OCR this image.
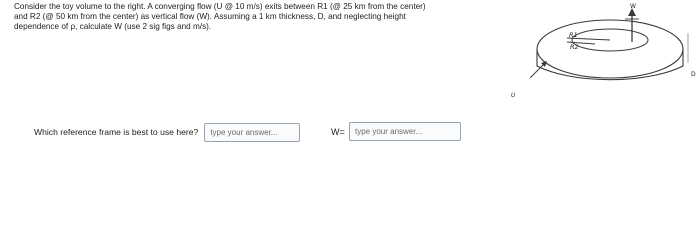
Consider the toy volume to the right. A converging flow (U @ 10 m/s) exits between R1 (@ 25 km from the center)
and R2 (@ 50 km from the center) as vertical flow (W). Assuming a 1 km thickness, D, and neglecting height
dependence of ρ, calculate W (use 2 sig figs and m/s).
Which reference frame is best to use here?
type your answer...	W=
type your answer...
R1
R2
W
D
U
